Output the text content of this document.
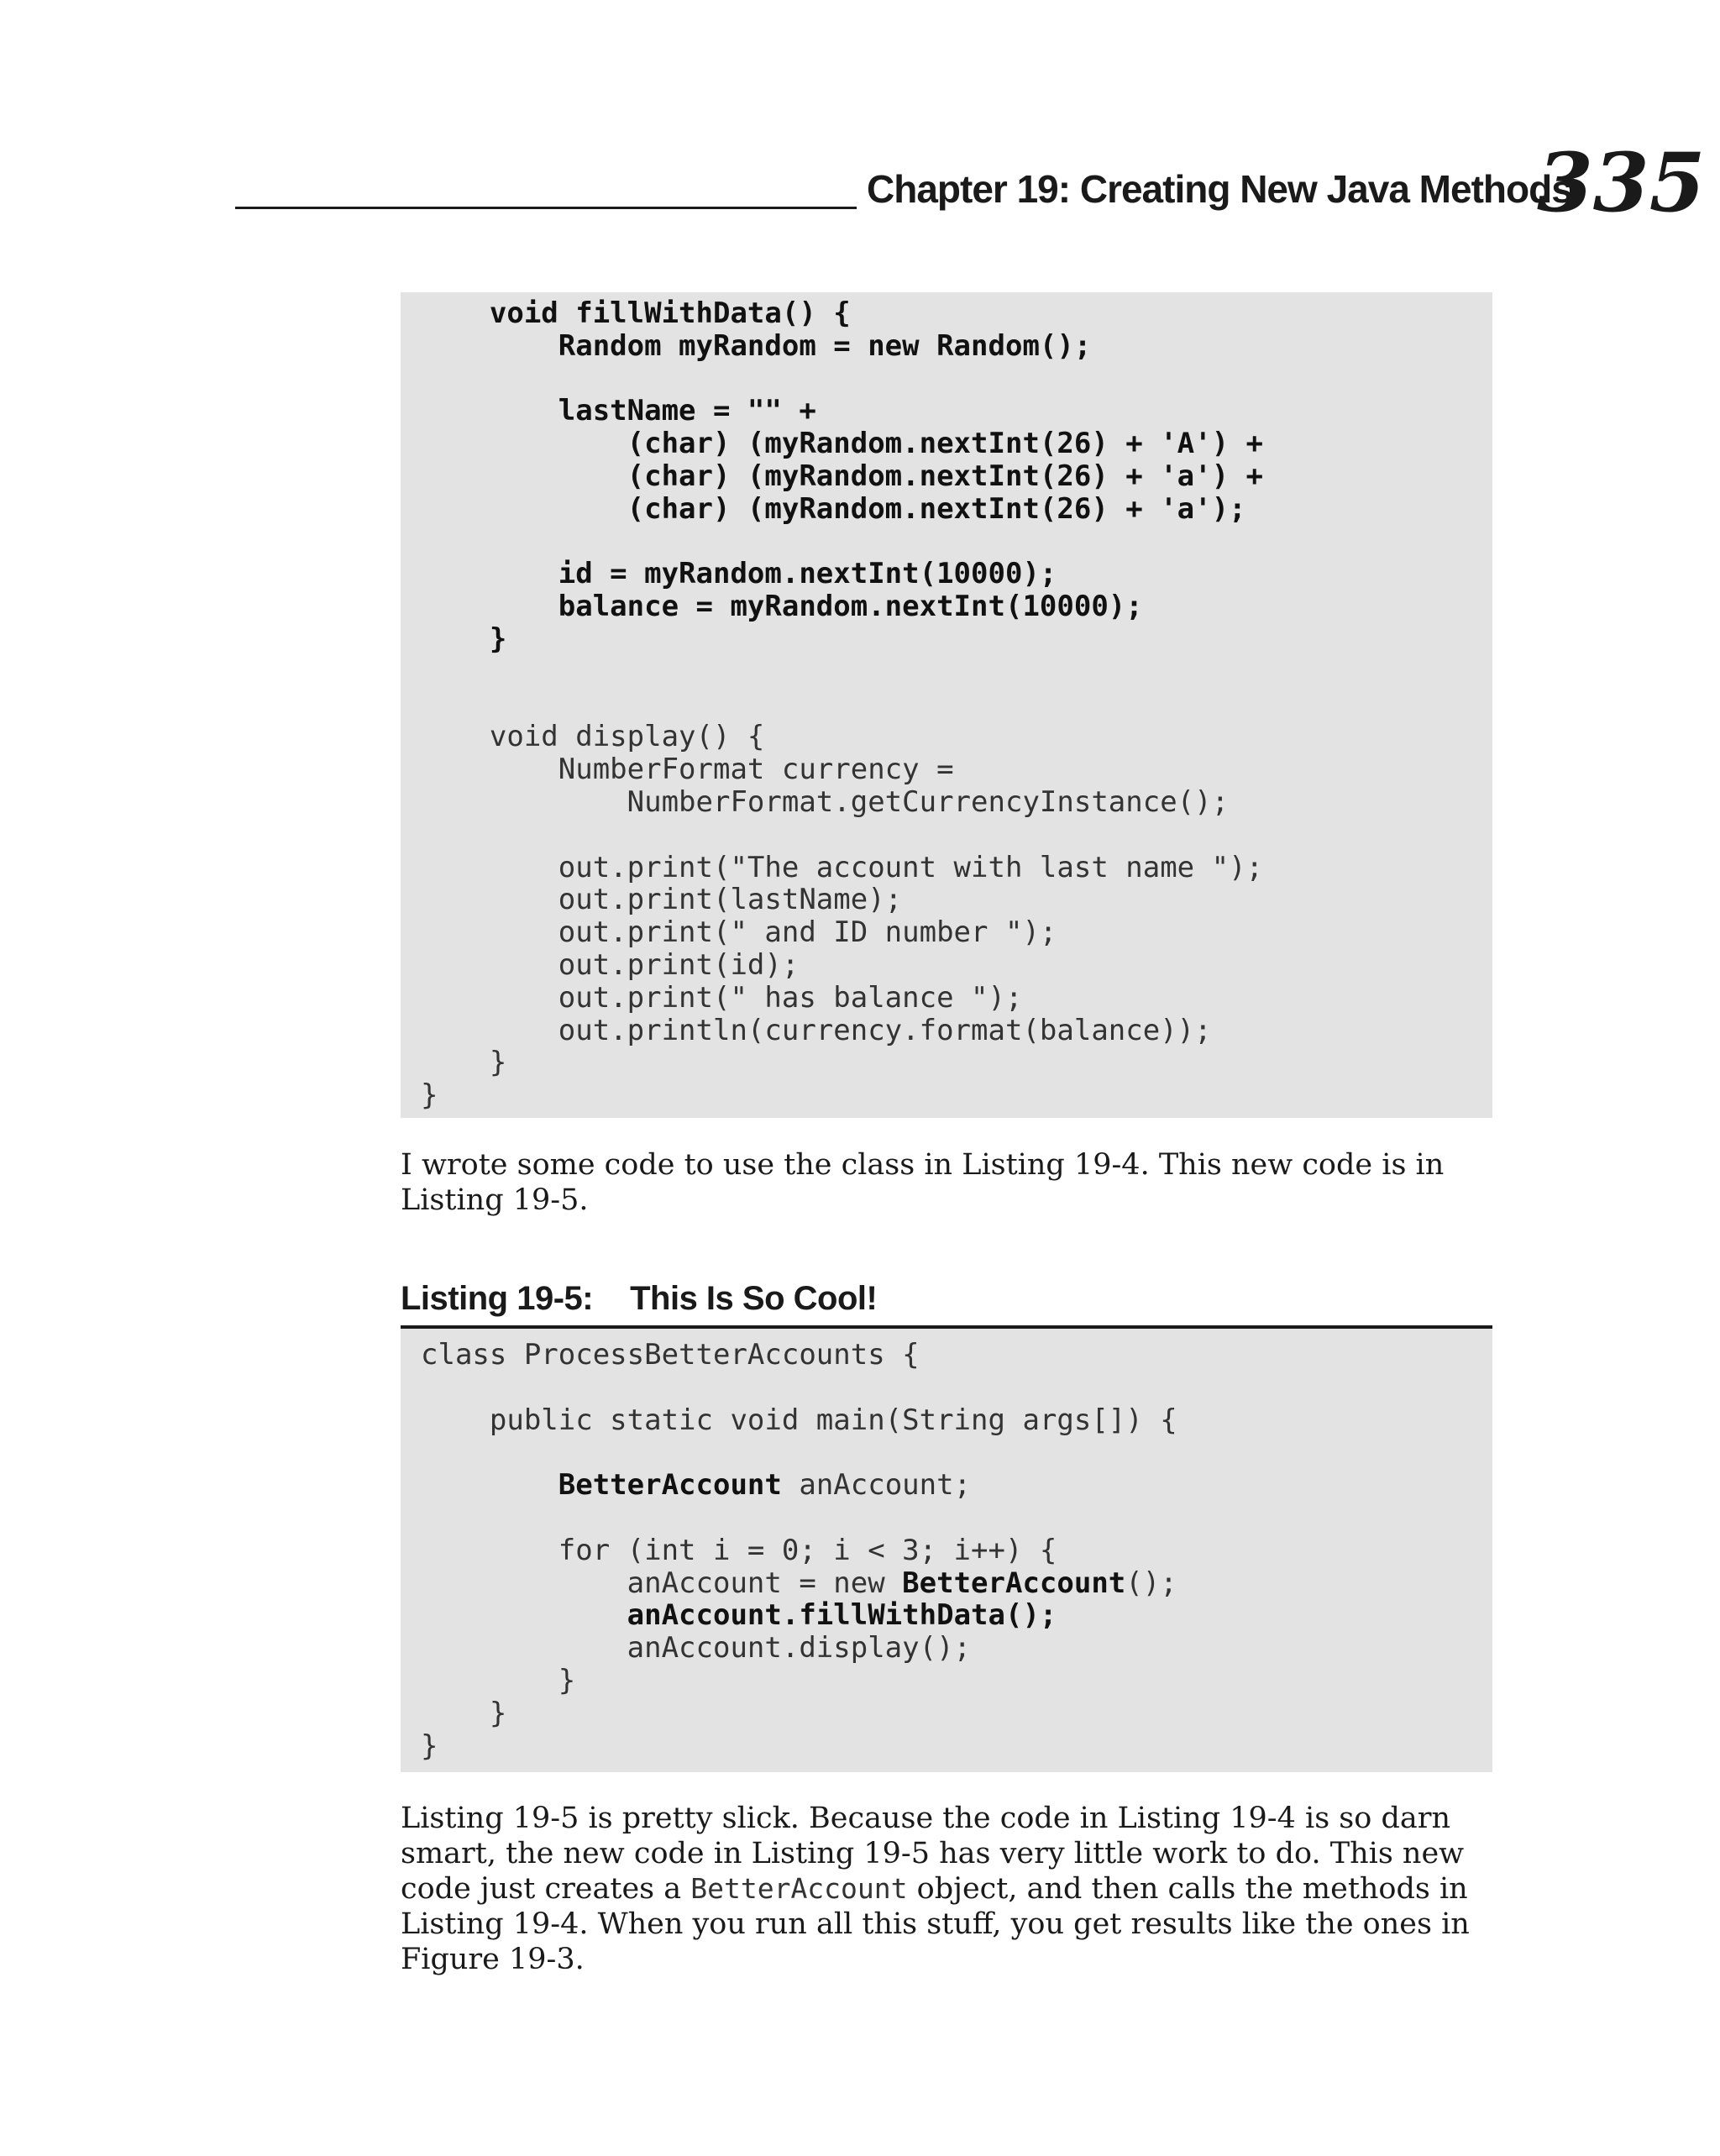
Chapter 19: Creating New Java Methods
335
void fillWithData() {
Random myRandom = new Random();
lastName = "" +
(char) (myRandom.nextInt(26) + 'A') +
(char) (myRandom.nextInt(26) + 'a') +
(char) (myRandom.nextInt(26) + 'a');
id = myRandom.nextInt(10000);
balance = myRandom.nextInt(10000);
}
void display() {
NumberFormat currency =
NumberFormat.getCurrencyInstance();
out.print("The account with last name ");
out.print(lastName);
out.print(" and ID number ");
out.print(id);
out.print(" has balance ");
out.println(currency.format(balance));
}
}

I wrote some code to use the class in Listing 19-4. This new code is in Listing 19-5.

Listing 19-5: This Is So Cool!
class ProcessBetterAccounts {
public static void main(String args[]) {
BetterAccount anAccount;
for (int i = 0; i < 3; i++) {
anAccount = new BetterAccount();
anAccount.fillWithData();
anAccount.display();
}
}
}

Listing 19-5 is pretty slick. Because the code in Listing 19-4 is so darn smart, the new code in Listing 19-5 has very little work to do. This new code just creates a BetterAccount object, and then calls the methods in Listing 19-4. When you run all this stuff, you get results like the ones in Figure 19-3.
